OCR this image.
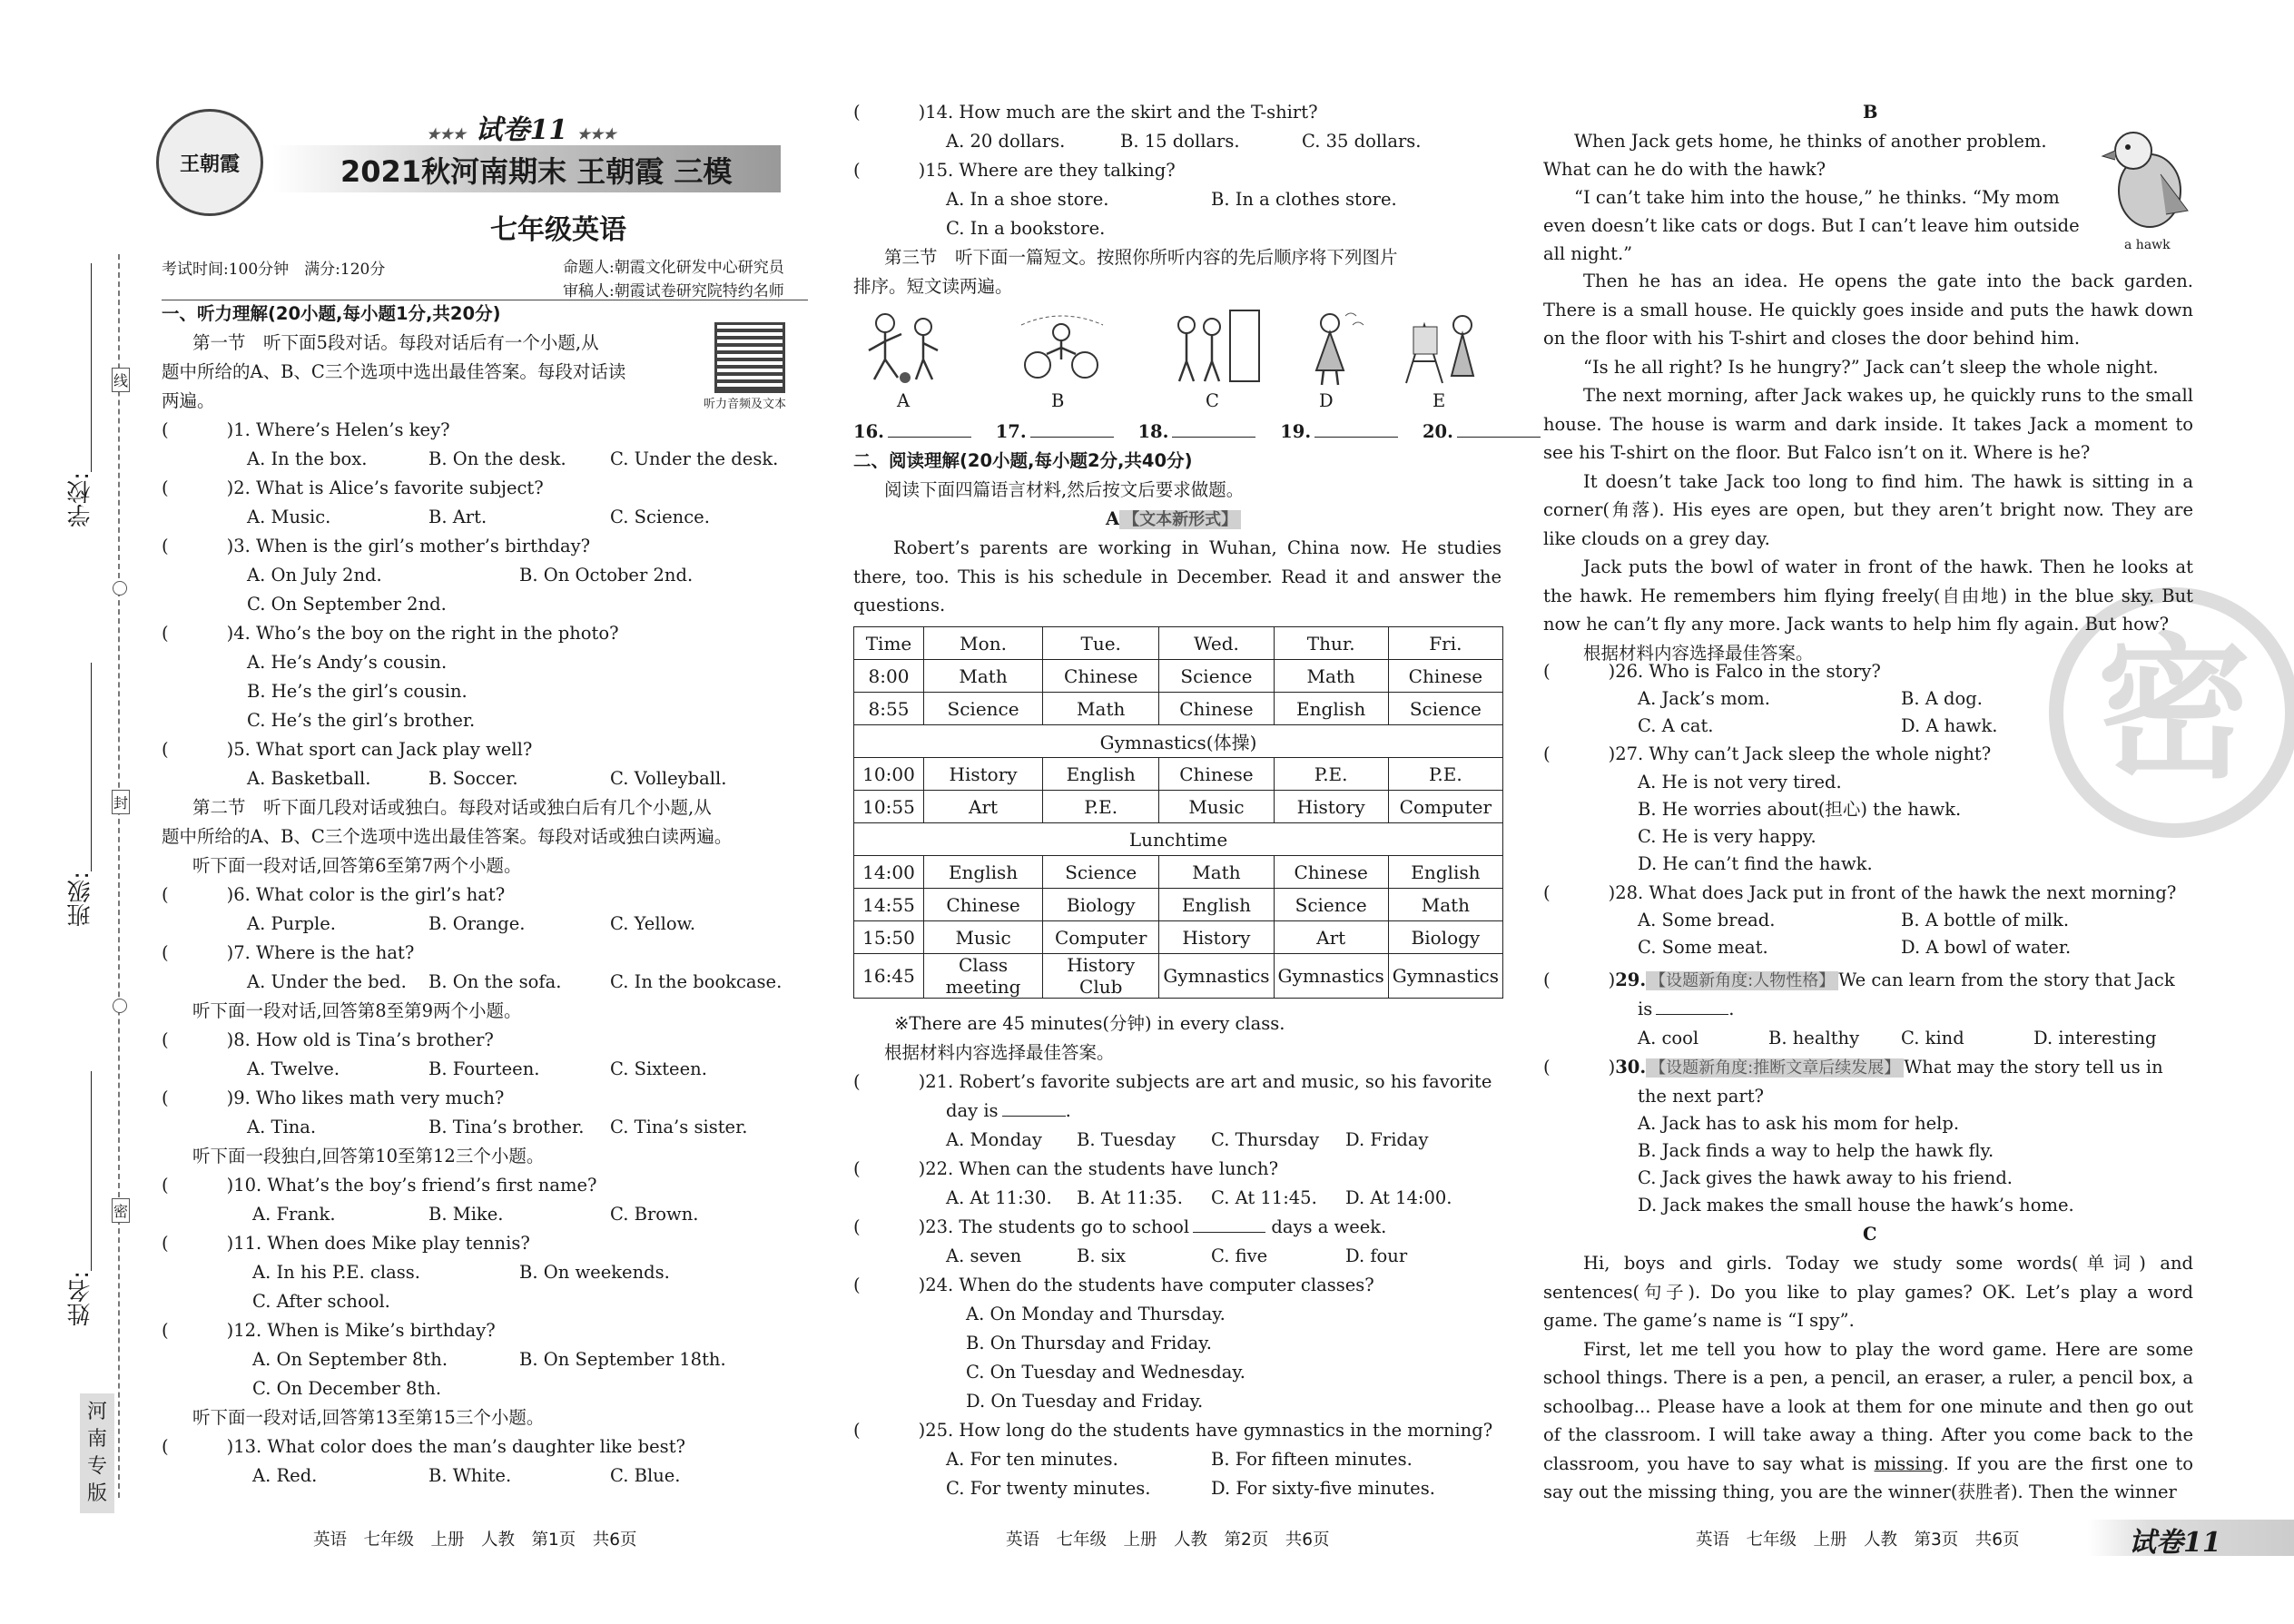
学校:
班级:
姓名:
线
封
密
河南专版
王朝霞
★★★ 试卷11 ★★★
2021秋河南期末 王朝霞 三模
七年级英语
考试时间:100分钟　满分:120分	命题人:朝霞文化研发中心研究员
审稿人:朝霞试卷研究院特约名师
听力音频及文本
一、听力理解(20小题,每小题1分,共20分)
第一节　听下面5段对话。每段对话后有一个小题,从
题中所给的A、B、C三个选项中选出最佳答案。每段对话读
两遍。
(	)1. Where’s Helen’s key?
A. In the box.	B. On the desk. C. Under the desk.
(	)2. What is Alice’s favorite subject?
A. Music.	B. Art.	C. Science.
(	)3. When is the girl’s mother’s birthday?
A. On July 2nd.	B. On October 2nd.
C. On September 2nd.
(	)4. Who’s the boy on the right in the photo?
A. He’s Andy’s cousin.
B. He’s the girl’s cousin.
C. He’s the girl’s brother.
(	)5. What sport can Jack play well?
A. Basketball.	B. Soccer.	C. Volleyball.
第二节　听下面几段对话或独白。每段对话或独白后有几个小题,从
题中所给的A、B、C三个选项中选出最佳答案。每段对话或独白读两遍。
听下面一段对话,回答第6至第7两个小题。
(	)6. What color is the girl’s hat?
A. Purple.	B. Orange.	C. Yellow.
(	)7. Where is the hat?
A. Under the bed. B. On the sofa.	C. In the bookcase.
听下面一段对话,回答第8至第9两个小题。
(	)8. How old is Tina’s brother?
A. Twelve.	B. Fourteen.	C. Sixteen.
(	)9. Who likes math very much?
A. Tina.	B. Tina’s brother. C. Tina’s sister.
听下面一段独白,回答第10至第12三个小题。
(	)10. What’s the boy’s friend’s first name?
A. Frank.	B. Mike.	C. Brown.
(	)11. When does Mike play tennis?
A. In his P.E. class.	B. On weekends.
C. After school.
(	)12. When is Mike’s birthday?
A. On September 8th.	B. On September 18th.
C. On December 8th.
听下面一段对话,回答第13至第15三个小题。
(	)13. What color does the man’s daughter like best?
A. Red.	B. White.	C. Blue.
英语　七年级　上册　人教　第1页　共6页
(	)14. How much are the skirt and the T-shirt?
A. 20 dollars.	B. 15 dollars.	C. 35 dollars.
(	)15. Where are they talking?
A. In a shoe store.	B. In a clothes store.
C. In a bookstore.
第三节　听下面一篇短文。按照你所听内容的先后顺序将下列图片
排序。短文读两遍。
A	B	C	D	E
16.	17.	18.	19.	20.
二、阅读理解(20小题,每小题2分,共40分)
阅读下面四篇语言材料,然后按文后要求做题。
A 【文本新形式】

Robert’s parents are working in Wuhan, China now. He studies there, too. This is his schedule in December. Read it and answer the questions.

Time	Mon.	Tue.	Wed.	Thur.	Fri.
8:00	Math	Chinese	Science	Math	Chinese
8:55	Science	Math	Chinese	English	Science
Gymnastics(体操)					
10:00	History	English	Chinese	P.E.	P.E.
10:55	Art	P.E.	Music	History	Computer
Lunchtime					
14:00	English	Science	Math	Chinese	English
14:55	Chinese	Biology	English	Science	Math
15:50	Music	Computer	History	Art	Biology
16:45	Class meeting	History Club	Gymnastics	Gymnastics	Gymnastics
※There are 45 minutes(分钟) in every class.
根据材料内容选择最佳答案。
(	)21. Robert’s favorite subjects are art and music, so his favorite
day is	.
A. Monday B. Tuesday C. Thursday D. Friday
(	)22. When can the students have lunch?
A. At 11:30. B. At 11:35. C. At 11:45. D. At 14:00.
(	)23. The students go to school	days a week.
A. seven	B. six	C. five	D. four
(	)24. When do the students have computer classes?
A. On Monday and Thursday.
B. On Thursday and Friday.
C. On Tuesday and Wednesday.
D. On Tuesday and Friday.
(	)25. How long do the students have gymnastics in the morning?
A. For ten minutes.	B. For fifteen minutes.
C. For twenty minutes.	D. For sixty-five minutes.
英语　七年级　上册　人教　第2页　共6页
密
B
a hawk
When Jack gets home, he thinks of another problem.
What can he do with the hawk?
“I can’t take him into the house,” he thinks. “My mom
even doesn’t like cats or dogs. But I can’t leave him outside
all night.”

Then he has an idea. He opens the gate into the back garden. There is a small house. He quickly goes inside and puts the hawk down on the floor with his T-shirt and closes the door behind him.

“Is he all right? Is he hungry?” Jack can’t sleep the whole night.

The next morning, after Jack wakes up, he quickly runs to the small house. The house is warm and dark inside. It takes Jack a moment to see his T-shirt on the floor. But Falco isn’t on it. Where is he?

It doesn’t take Jack too long to find him. The hawk is sitting in a corner(角落). His eyes are open, but they aren’t bright now. They are like clouds on a grey day.

Jack puts the bowl of water in front of the hawk. Then he looks at the hawk. He remembers him flying freely(自由地) in the blue sky. But now he can’t fly any more. Jack wants to help him fly again. But how?

根据材料内容选择最佳答案。

(	)26. Who is Falco in the story?
A. Jack’s mom.	B. A dog.
C. A cat.	D. A hawk.
(	)27. Why can’t Jack sleep the whole night?
A. He is not very tired.
B. He worries about(担心) the hawk.
C. He is very happy.
D. He can’t find the hawk.
(	)28. What does Jack put in front of the hawk the next morning?
A. Some bread.	B. A bottle of milk.
C. Some meat.	D. A bowl of water.
(	)29. 【设题新角度:人物性格】 We can learn from the story that Jack
is	.
A. cool	B. healthy C. kind	D. interesting
(	)30. 【设题新角度:推断文章后续发展】 What may the story tell us in
the next part?
A. Jack has to ask his mom for help.
B. Jack finds a way to help the hawk fly.
C. Jack gives the hawk away to his friend.
D. Jack makes the small house the hawk’s home.
C

Hi, boys and girls. Today we study some words(单词) and sentences(句子). Do you like to play games? OK. Let’s play a word game. The game’s name is “I spy”.

First, let me tell you how to play the word game. Here are some school things. There is a pen, a pencil, an eraser, a ruler, a pencil box, a schoolbag... Please have a look at them for one minute and then go out of the classroom. I will take away a thing. After you come back to the classroom, you have to say what is missing. If you are the first one to say out the missing thing, you are the winner(获胜者). Then the winner

英语　七年级　上册　人教　第3页　共6页	试卷11
